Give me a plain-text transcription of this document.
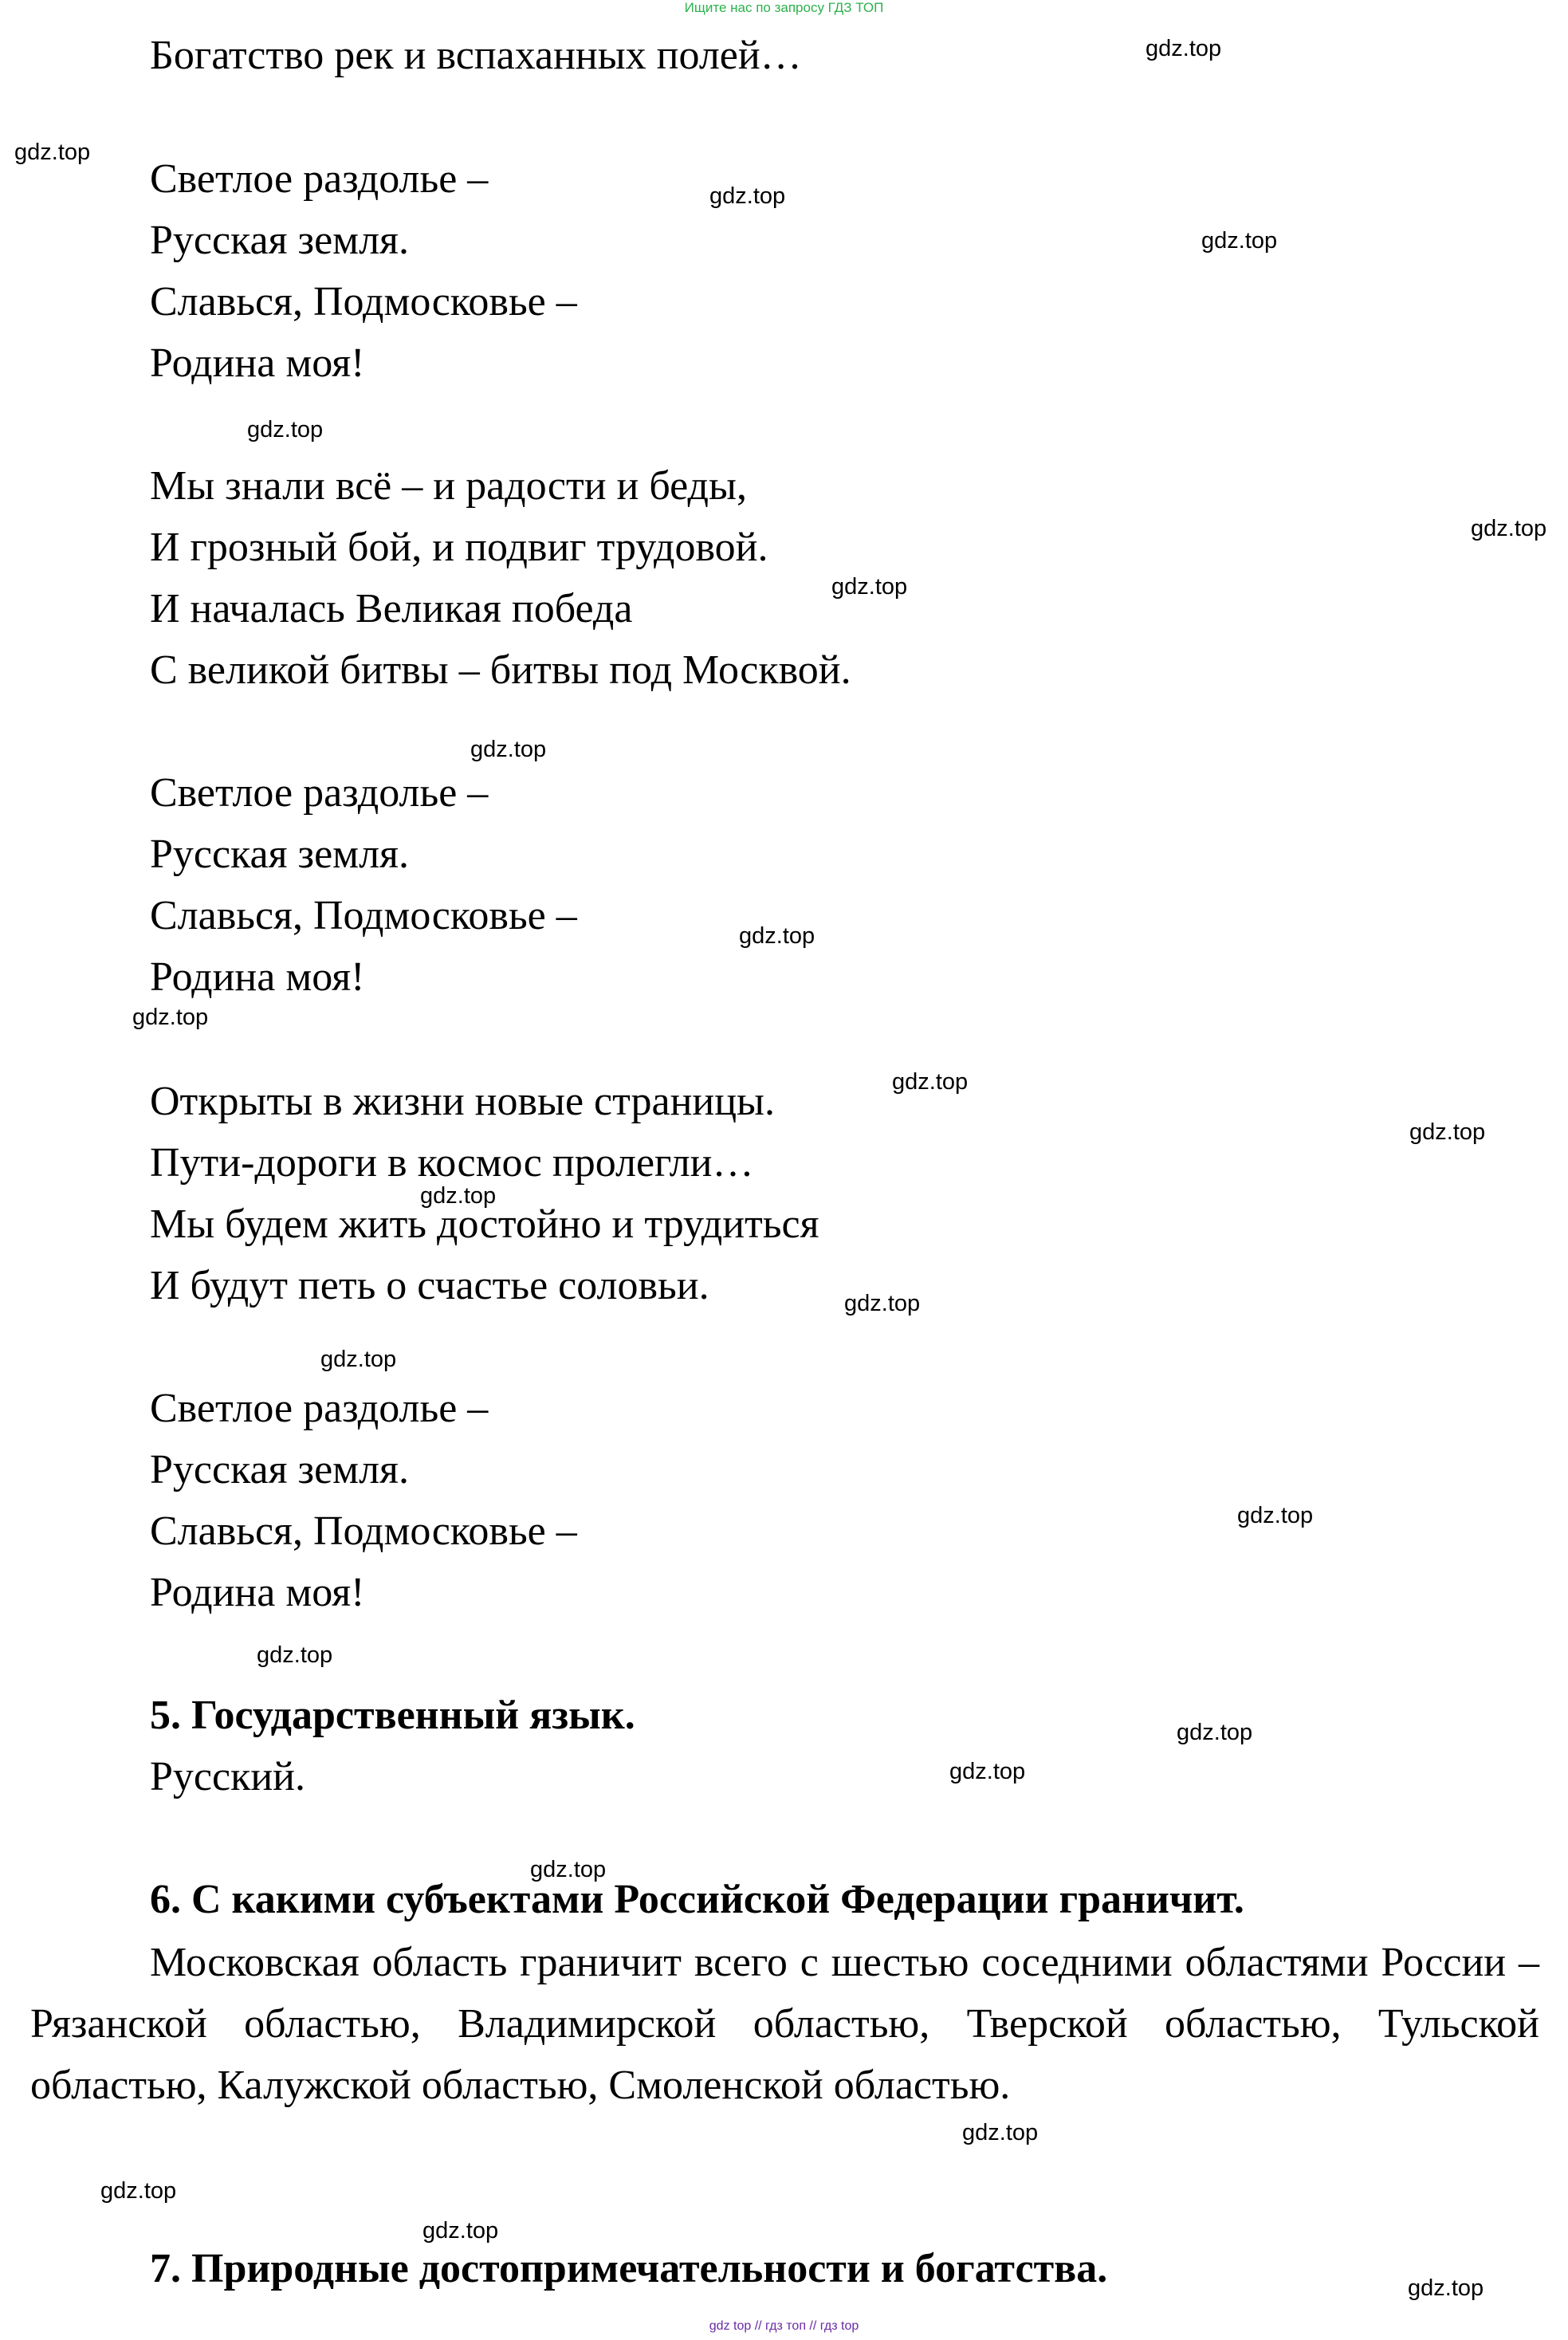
Ищите нас по запросу ГДЗ ТОП

Богатство рек и вспаханных полей…

Светлое раздолье –

Русская земля.

Славься, Подмосковье –

Родина моя!

Мы знали всё – и радости и беды,

И грозный бой, и подвиг трудовой.

И началась Великая победа

С великой битвы – битвы под Москвой.

Светлое раздолье –

Русская земля.

Славься, Подмосковье –

Родина моя!

Открыты в жизни новые страницы.

Пути-дороги в космос пролегли…

Мы будем жить достойно и трудиться

И будут петь о счастье соловьи.

Светлое раздолье –

Русская земля.

Славься, Подмосковье –

Родина моя!

5. Государственный язык.

Русский.

6. С какими субъектами Российской Федерации граничит.

Московская область граничит всего с шестью соседними областями России – Рязанской областью, Владимирской областью, Тверской областью, Тульской областью, Калужской областью, Смоленской областью.

7. Природные достопримечательности и богатства.

gdz.top
gdz.top
gdz.top
gdz.top
gdz.top
gdz.top
gdz.top
gdz.top
gdz.top
gdz.top
gdz.top
gdz.top
gdz.top
gdz.top
gdz.top
gdz.top
gdz.top
gdz.top
gdz.top
gdz.top
gdz.top
gdz.top
gdz.top
gdz.top
gdz top // гдз топ // гдз top
